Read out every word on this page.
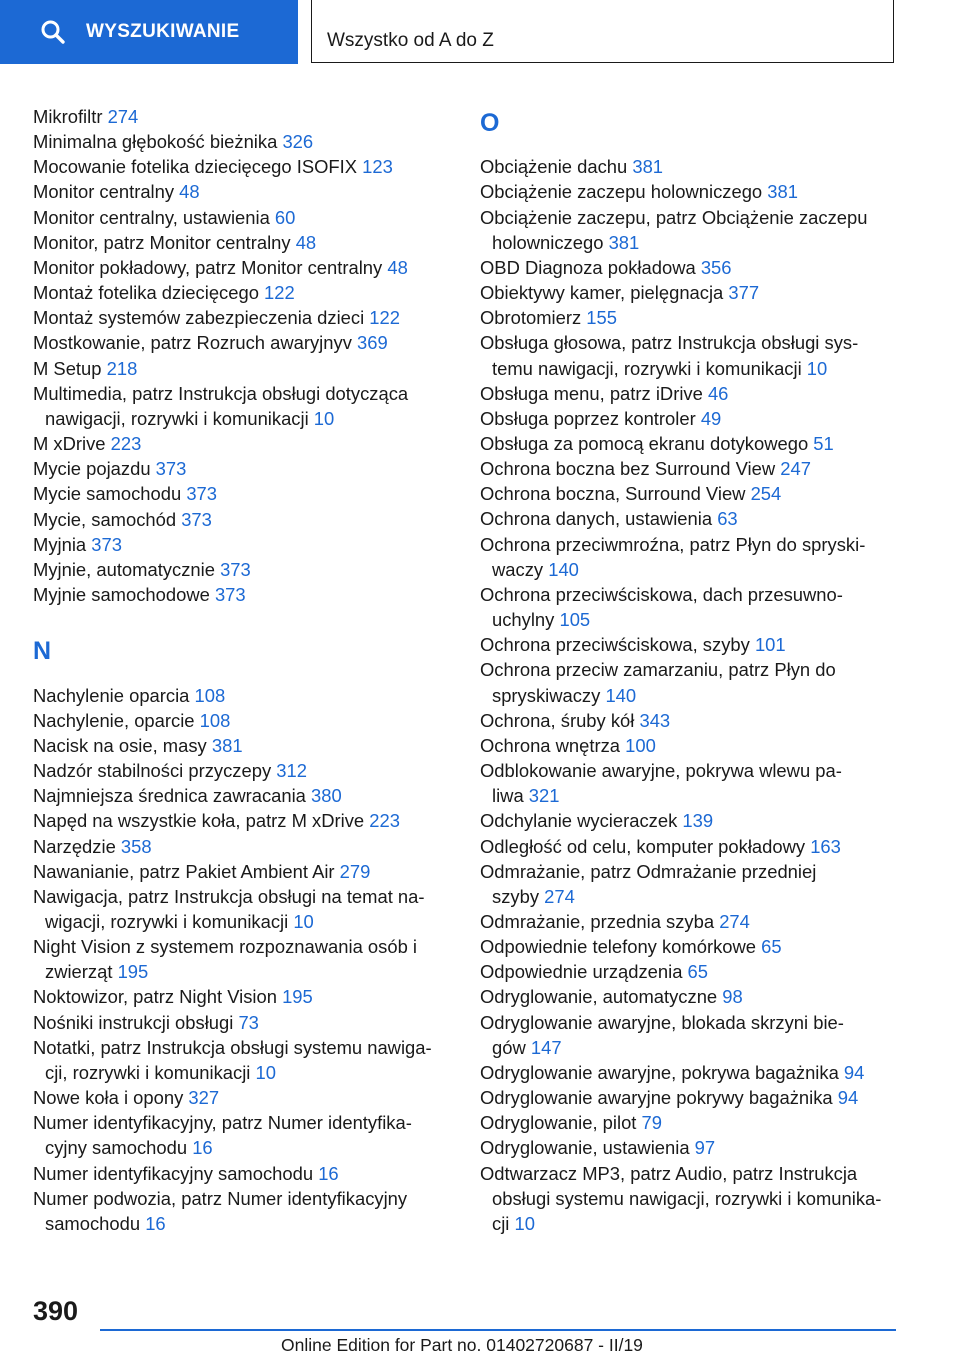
WYSZUKIWANIE	Wszystko od A do Z
Mikrofiltr 274
Minimalna głębokość bieżnika 326
Mocowanie fotelika dziecięcego ISOFIX 123
Monitor centralny 48
Monitor centralny, ustawienia 60
Monitor, patrz Monitor centralny 48
Monitor pokładowy, patrz Monitor centralny 48
Montaż fotelika dziecięcego 122
Montaż systemów zabezpieczenia dzieci 122
Mostkowanie, patrz Rozruch awaryjnyv 369
M Setup 218
Multimedia, patrz Instrukcja obsługi dotycząca
nawigacji, rozrywki i komunikacji 10
M xDrive 223
Mycie pojazdu 373
Mycie samochodu 373
Mycie, samochód 373
Myjnia 373
Myjnie, automatycznie 373
Myjnie samochodowe 373
N
Nachylenie oparcia 108
Nachylenie, oparcie 108
Nacisk na osie, masy 381
Nadzór stabilności przyczepy 312
Najmniejsza średnica zawracania 380
Napęd na wszystkie koła, patrz M xDrive 223
Narzędzie 358
Nawanianie, patrz Pakiet Ambient Air 279
Nawigacja, patrz Instrukcja obsługi na temat na-
wigacji, rozrywki i komunikacji 10
Night Vision z systemem rozpoznawania osób i
zwierząt 195
Noktowizor, patrz Night Vision 195
Nośniki instrukcji obsługi 73
Notatki, patrz Instrukcja obsługi systemu nawiga-
cji, rozrywki i komunikacji 10
Nowe koła i opony 327
Numer identyfikacyjny, patrz Numer identyfika-
cyjny samochodu 16
Numer identyfikacyjny samochodu 16
Numer podwozia, patrz Numer identyfikacyjny
samochodu 16
O
Obciążenie dachu 381
Obciążenie zaczepu holowniczego 381
Obciążenie zaczepu, patrz Obciążenie zaczepu
holowniczego 381
OBD Diagnoza pokładowa 356
Obiektywy kamer, pielęgnacja 377
Obrotomierz 155
Obsługa głosowa, patrz Instrukcja obsługi sys-
temu nawigacji, rozrywki i komunikacji 10
Obsługa menu, patrz iDrive 46
Obsługa poprzez kontroler 49
Obsługa za pomocą ekranu dotykowego 51
Ochrona boczna bez Surround View 247
Ochrona boczna, Surround View 254
Ochrona danych, ustawienia 63
Ochrona przeciwmroźna, patrz Płyn do spryski-
waczy 140
Ochrona przeciwściskowa, dach przesuwno-
uchylny 105
Ochrona przeciwściskowa, szyby 101
Ochrona przeciw zamarzaniu, patrz Płyn do
spryskiwaczy 140
Ochrona, śruby kół 343
Ochrona wnętrza 100
Odblokowanie awaryjne, pokrywa wlewu pa-
liwa 321
Odchylanie wycieraczek 139
Odległość od celu, komputer pokładowy 163
Odmrażanie, patrz Odmrażanie przedniej
szyby 274
Odmrażanie, przednia szyba 274
Odpowiednie telefony komórkowe 65
Odpowiednie urządzenia 65
Odryglowanie, automatyczne 98
Odryglowanie awaryjne, blokada skrzyni bie-
gów 147
Odryglowanie awaryjne, pokrywa bagażnika 94
Odryglowanie awaryjne pokrywy bagażnika 94
Odryglowanie, pilot 79
Odryglowanie, ustawienia 97
Odtwarzacz MP3, patrz Audio, patrz Instrukcja
obsługi systemu nawigacji, rozrywki i komunika-
cji 10
390
Online Edition for Part no. 01402720687 - II/19
